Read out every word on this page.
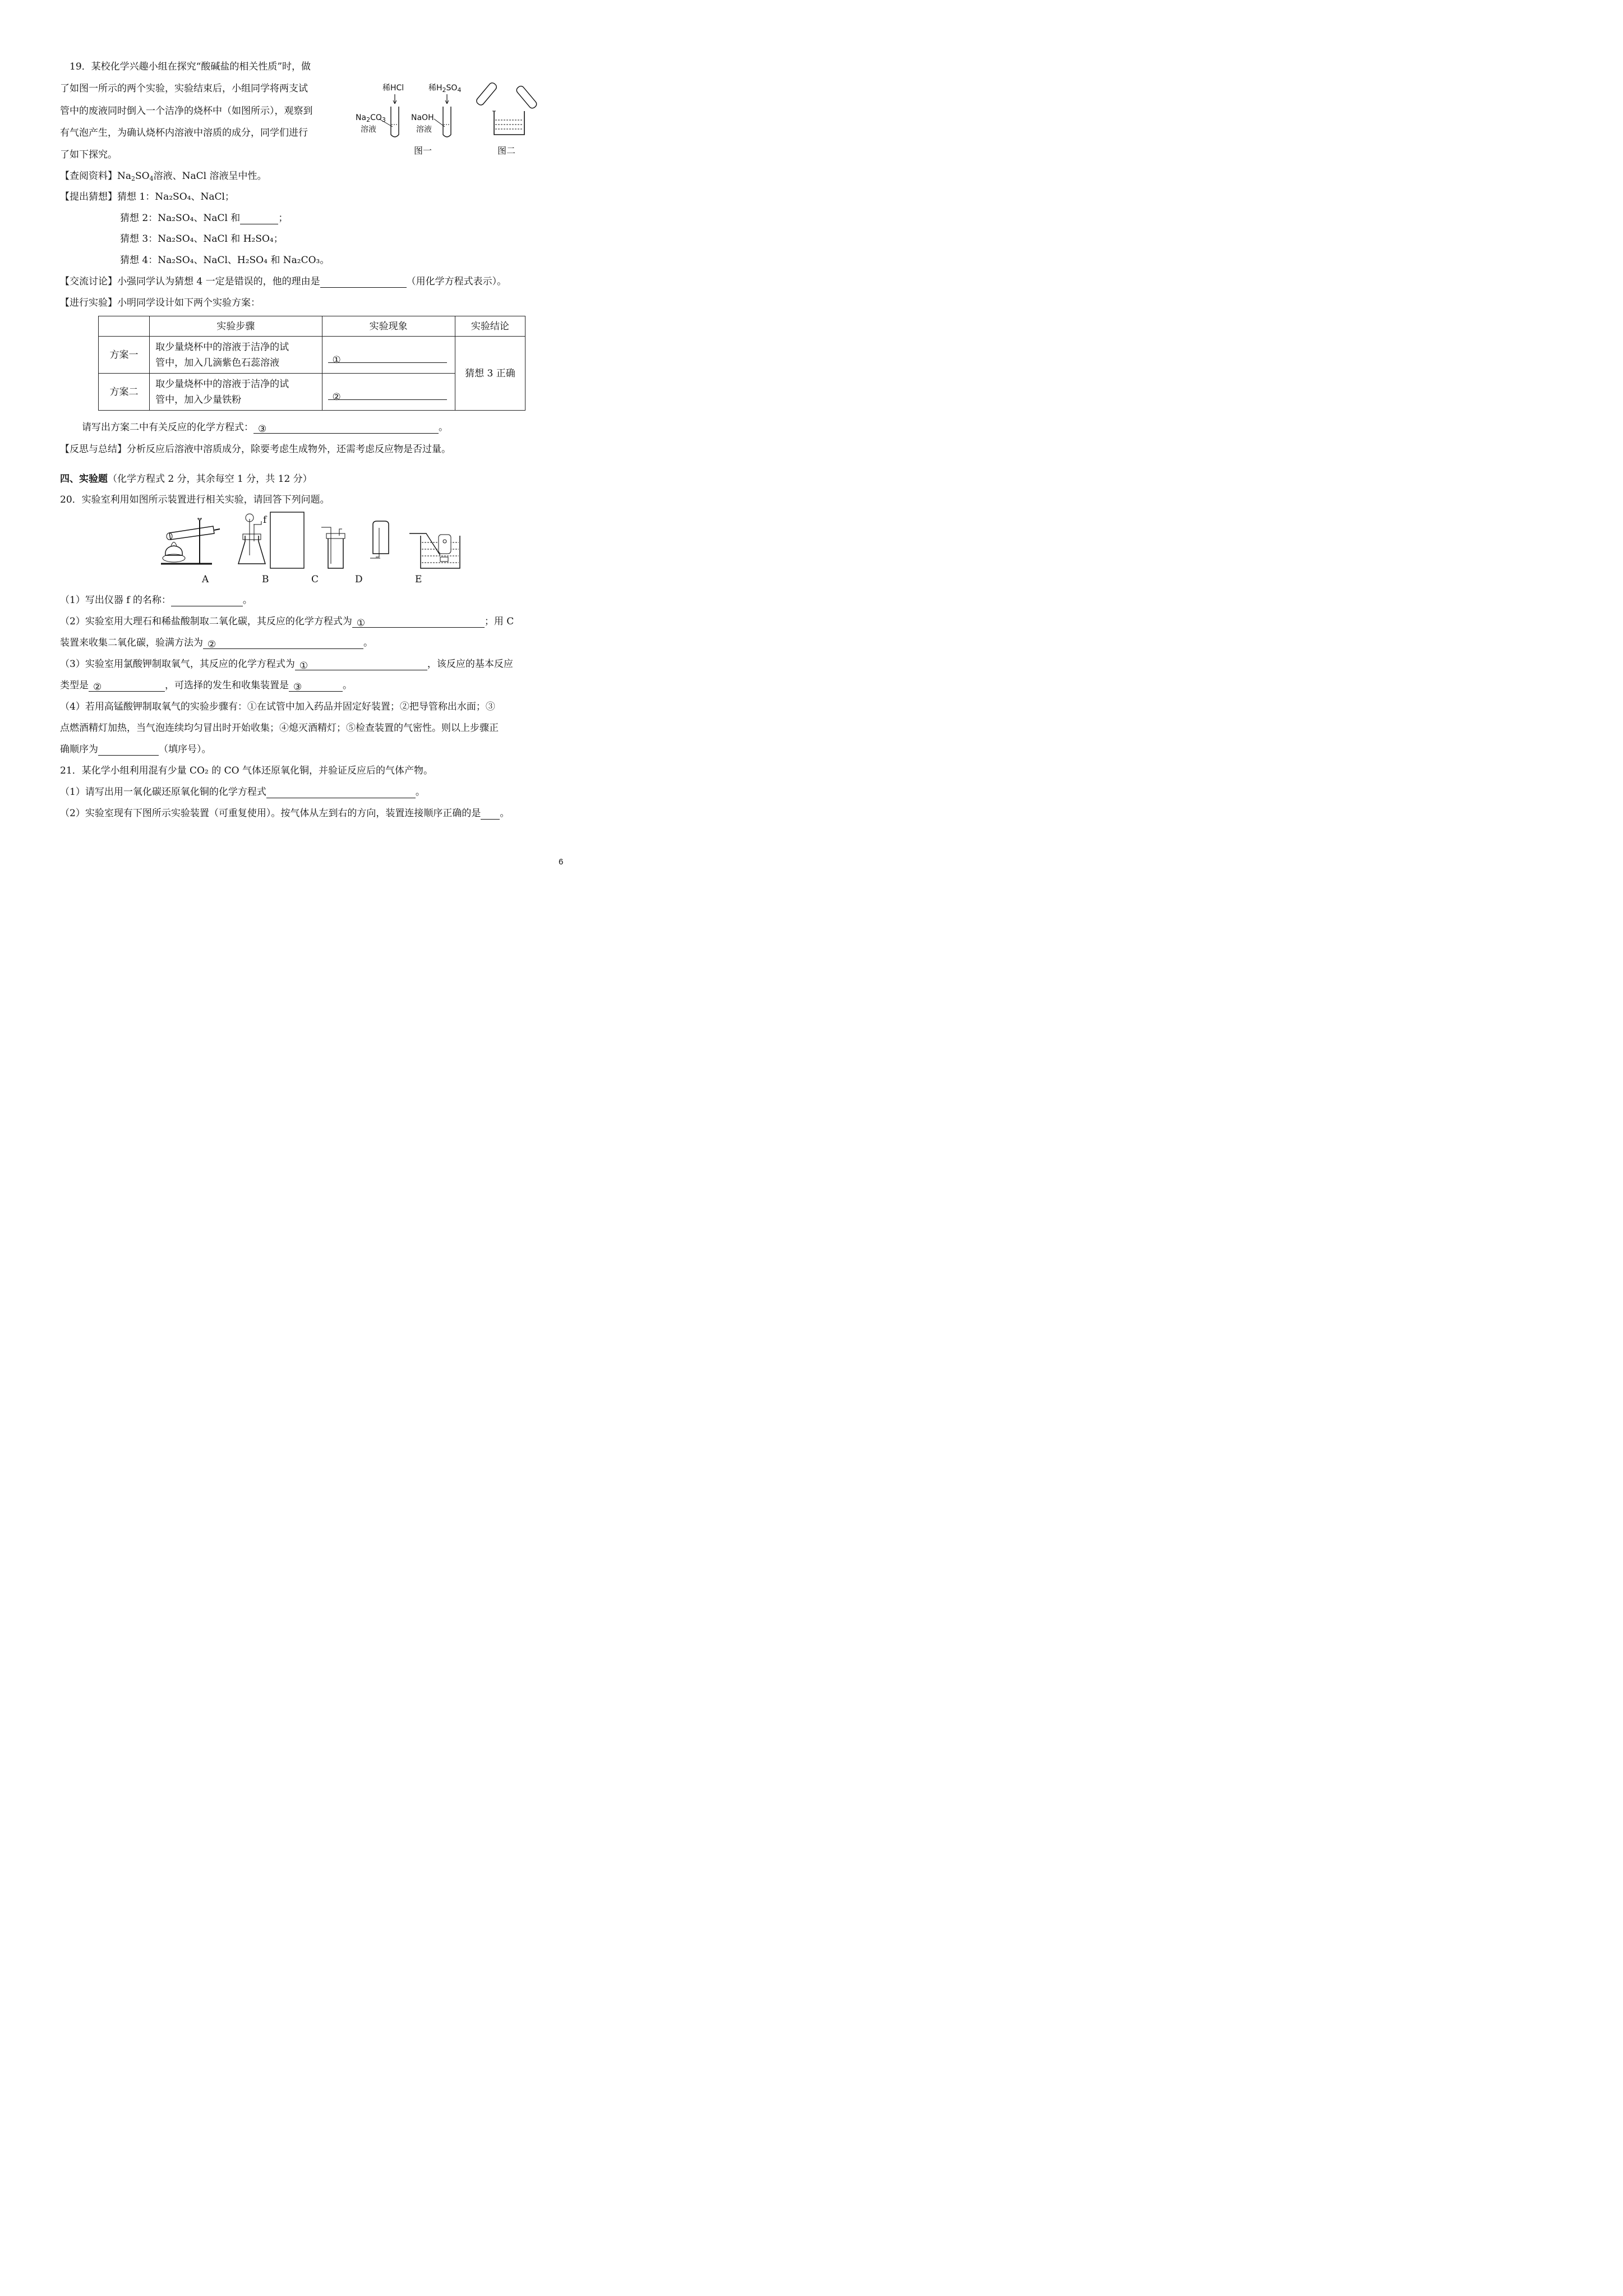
19．某校化学兴趣小组在探究“酸碱盐的相关性质”时，做
了如图一所示的两个实验，实验结束后，小组同学将两支试
管中的废液同时倒入一个洁净的烧杯中（如图所示），观察到
有气泡产生，为确认烧杯内溶液中溶质的成分，同学们进行
了如下探究。
稀HCl	稀$H_2SO_4$
$Na_2CO_3$
溶液
NaOH
溶液
图一	图二
【查阅资料】$Na_2SO_4$溶液、NaCl 溶液呈中性。
【提出猜想】猜想 1：Na₂SO₄、NaCl；
猜想 2：Na₂SO₄、NaCl 和	；
猜想 3：Na₂SO₄、NaCl 和 H₂SO₄；
猜想 4：Na₂SO₄、NaCl、H₂SO₄ 和 Na₂CO₃。
【交流讨论】小强同学认为猜想 4 一定是错误的，他的理由是	（用化学方程式表示）。
【进行实验】小明同学设计如下两个实验方案：
	实验步骤	实验现象	实验结论
方案一	取少量烧杯中的溶液于洁净的试
管中，加入几滴紫色石蕊溶液	①	猜想 3 正确
方案二	取少量烧杯中的溶液于洁净的试
管中，加入少量铁粉	②	
请写出方案二中有关反应的化学方程式： ③	。
【反思与总结】分析反应后溶液中溶质成分，除要考虑生成物外，还需考虑反应物是否过量。
四、实验题（化学方程式 2 分，其余每空 1 分，共 12 分）
20．实验室利用如图所示装置进行相关实验，请回答下列问题。
f
A	B	C	D	E
（1）写出仪器 f 的名称：	。
（2）实验室用大理石和稀盐酸制取二氧化碳，其反应的化学方程式为 ①	；用 C
装置来收集二氧化碳，验满方法为 ②	。
（3）实验室用氯酸钾制取氧气，其反应的化学方程式为 ①	，该反应的基本反应
类型是 ②	，可选择的发生和收集装置是 ③	。
（4）若用高锰酸钾制取氧气的实验步骤有：①在试管中加入药品并固定好装置；②把导管称出水面；③
点燃酒精灯加热，当气泡连续均匀冒出时开始收集；④熄灭酒精灯；⑤检查装置的气密性。则以上步骤正
确顺序为	（填序号）。
21．某化学小组利用混有少量 CO₂ 的 CO 气体还原氧化铜，并验证反应后的气体产物。
（1）请写出用一氧化碳还原氧化铜的化学方程式	。
（2）实验室现有下图所示实验装置（可重复使用）。按气体从左到右的方向，装置连接顺序正确的是 。
6
